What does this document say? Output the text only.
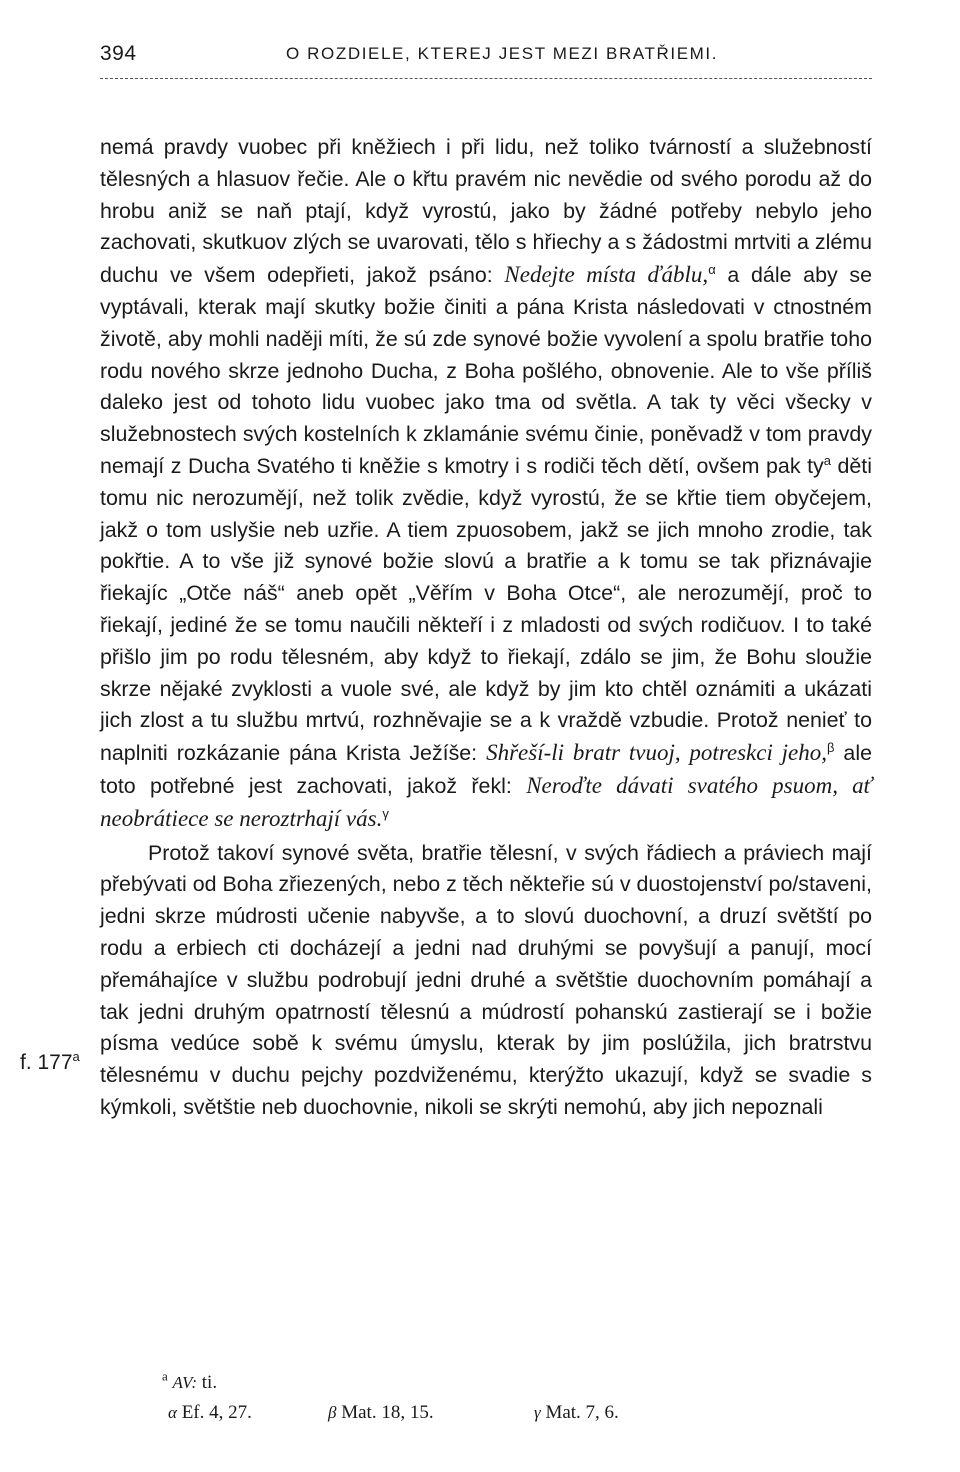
394	O ROZDIELE, KTEREJ JEST MEZI BRATŘIEMI.

nemá pravdy vuobec při kněžiech i při lidu, než toliko tvárností a služebností tělesných a hlasuov řečie. Ale o křtu pravém nic nevědie od svého porodu až do hrobu aniž se naň ptají, když vyrostú, jako by žádné potřeby nebylo jeho zachovati, skutkuov zlých se uvarovati, tělo s hřiechy a s žádostmi mrtviti a zlému duchu ve všem odepřieti, jakož psáno: Nedejte místa ďáblu,$^\alpha$ a dále aby se vyptávali, kterak mají skutky božie činiti a pána Krista následovati v ctnostném životě, aby mohli naději míti, že sú zde synové božie vyvolení a spolu bratřie toho rodu nového skrze jednoho Ducha, z Boha pošlého, obnovenie. Ale to vše příliš daleko jest od tohoto lidu vuobec jako tma od světla. A tak ty věci všecky v služebnostech svých kostelních k zklamánie svému činie, poněvadž v tom pravdy nemají z Ducha Svatého ti kněžie s kmotry i s rodiči těch dětí, ovšem pak $ty^a$ děti tomu nic nerozumějí, než tolik zvědie, když vyrostú, že se křtie tiem obyčejem, jakž o tom uslyšie neb uzřie. A tiem zpuosobem, jakž se jich mnoho zrodie, tak pokřtie. A to vše již synové božie slovú a bratřie a k tomu se tak přiznávajie řiekajíc „Otče náš“ aneb opět „Věřím v Boha Otce“, ale nerozumějí, proč to řiekají, jediné že se tomu naučili někteří i z mladosti od svých rodičuov. I to také přišlo jim po rodu tělesném, aby když to řiekají, zdálo se jim, že Bohu sloužie skrze nějaké zvyklosti a vuole své, ale když by jim kto chtěl oznámiti a ukázati jich zlost a tu službu mrtvú, rozhněvajie se a k vraždě vzbudie. Protož nenieť to naplniti rozkázanie pána Krista Ježíše: Shřeší-li bratr tvuoj, potreskci jeho,$^\beta$ ale toto potřebné jest zachovati, jakož řekl: Neroďte dávati svatého psuom, ať neobrátiece se neroztrhají vás.$^\gamma$

Protož takoví synové světa, bratřie tělesní, v svých řádiech a práviech mají přebývati od Boha zřiezených, nebo z těch někteřie sú v duostojenství po/staveni, jedni skrze múdrosti učenie nabyvše, a to slovú duochovní, a druzí světští po rodu a erbiech cti docházejí a jedni nad druhými se povyšují a panují, mocí přemáhajíce v službu podrobují jedni druhé a světštie duochovním pomáhají a tak jedni druhým opatrností tělesnú a múdrostí pohanskú zastierají se i božie písma vedúce sobě k svému úmyslu, kterak by jim poslúžila, jich bratrstvu tělesnému v duchu pejchy pozdviženému, kterýžto ukazují, když se svadie s kýmkoli, světštie neb duochovnie, nikoli se skrýti nemohú, aby jich nepoznali

f. 177$^a$
$^a$ AV: ti.
α Ef. 4, 27.	β Mat. 18, 15.	γ Mat. 7, 6.
